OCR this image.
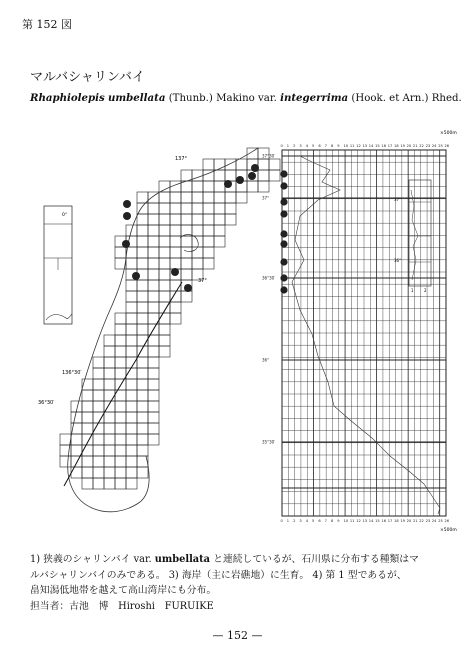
第 152 図
マルバシャリンバイ
Rhaphiolepis umbellata (Thunb.) Makino var. integerrima (Hook. et Arn.) Rhed.
137°
136°30′
36°30′
37°
0°
0
0
1
1
2
2
3
3
4
4
5
5
6
6
7
7
8
8
9
9
10
10
11
11
12
12
13
13
14
14
15
15
16
16
17
17
18
18
19
19
20
20
21
21
22
22
23
23
24
24
25
25
26
26
37°30′
37°
36°30′
36°
35°30′
×500m
×500m
37°
36°
1	2
1) 狭義のシャリンバイ var. umbellata と連続しているが、石川県に分布する種類はマ
ルバシャリンバイのみである。 3) 海岸（主に岩礁地）に生育。 4) 第 1 型であるが、
畠知潟低地帯を越えて高山湾岸にも分布。
担当者：古池　博　Hiroshi　FURUIKE
— 152 —
